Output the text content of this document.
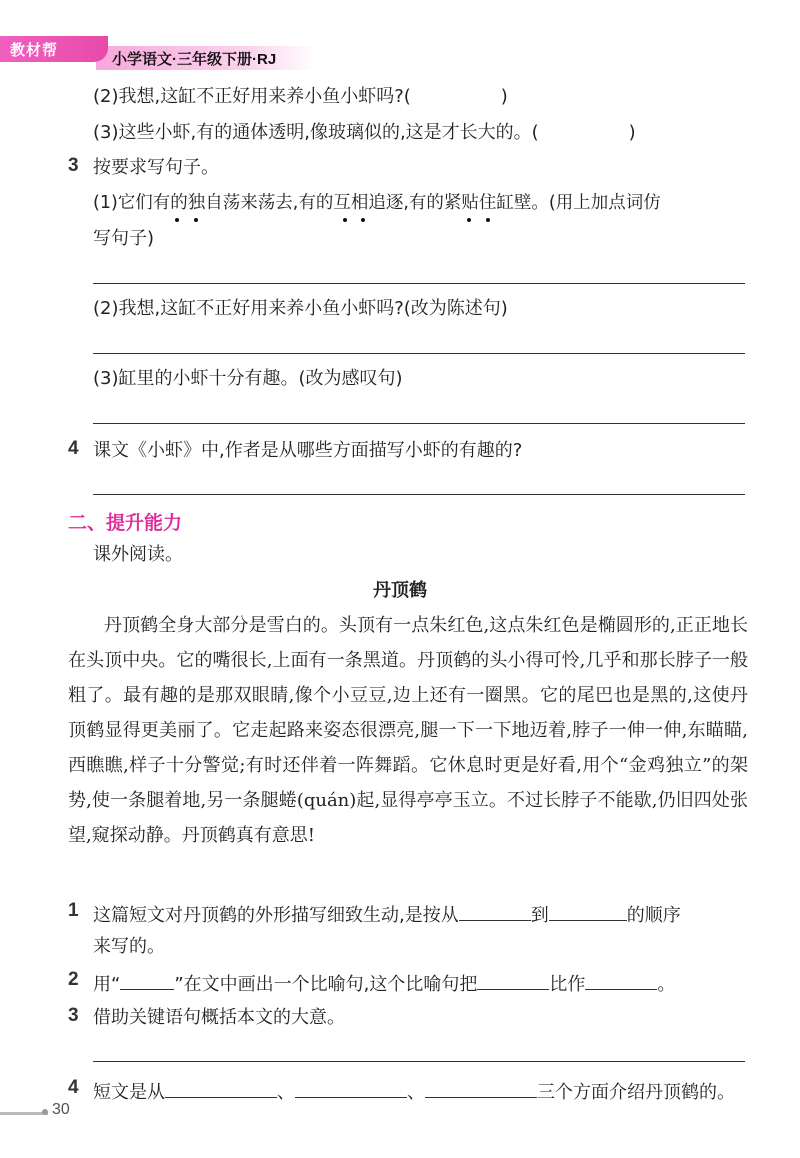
教材帮
小学语文·三年级下册·RJ
(2)我想,这缸不正好用来养小鱼小虾吗?(　　　　　)
(3)这些小虾,有的通体透明,像玻璃似的,这是才长大的。(　　　　　)
3 按要求写句子。
(1)它们有的独自荡来荡去,有的互相追逐,有的紧贴住缸壁。(用上加点词仿
写句子)
(2)我想,这缸不正好用来养小鱼小虾吗?(改为陈述句)
(3)缸里的小虾十分有趣。(改为感叹句)
4 课文《小虾》中,作者是从哪些方面描写小虾的有趣的?
二、提升能力
课外阅读。
丹顶鹤
丹顶鹤全身大部分是雪白的。头顶有一点朱红色,这点朱红色是椭圆形的,正正地长在头顶中央。它的嘴很长,上面有一条黑道。丹顶鹤的头小得可怜,几乎和那长脖子一般粗了。最有趣的是那双眼睛,像个小豆豆,边上还有一圈黑。它的尾巴也是黑的,这使丹顶鹤显得更美丽了。它走起路来姿态很漂亮,腿一下一下地迈着,脖子一伸一伸,东瞄瞄,西瞧瞧,样子十分警觉;有时还伴着一阵舞蹈。它休息时更是好看,用个“金鸡独立”的架势,使一条腿着地,另一条腿蜷(quán)起,显得亭亭玉立。不过长脖子不能歇,仍旧四处张望,窥探动静。丹顶鹤真有意思!
1 这篇短文对丹顶鹤的外形描写细致生动,是按从	到	的顺序
来写的。
2 用“	”在文中画出一个比喻句,这个比喻句把	比作	。
3 借助关键语句概括本文的大意。
4 短文是从	、	、	三个方面介绍丹顶鹤的。
30
